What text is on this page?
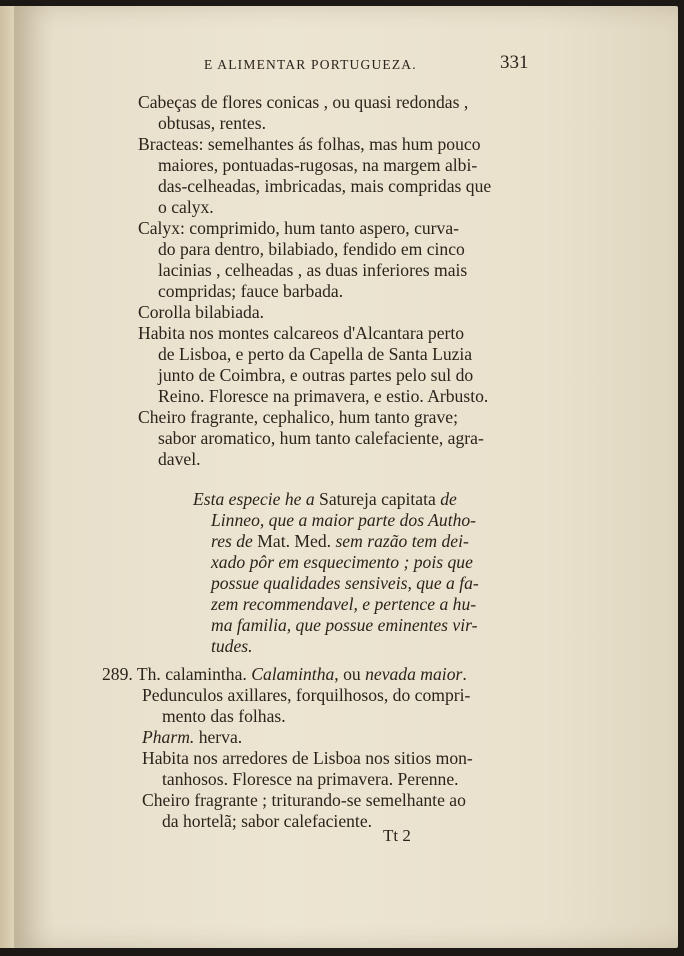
E ALIMENTAR PORTUGUEZA.	331
Cabeças de flores conicas , ou quasi redondas ,
obtusas, rentes.
Bracteas: semelhantes ás folhas, mas hum pouco
maiores, pontuadas-rugosas, na margem albi-
das-celheadas, imbricadas, mais compridas que
o calyx.
Calyx: comprimido, hum tanto aspero, curva-
do para dentro, bilabiado, fendido em cinco
lacinias , celheadas , as duas inferiores mais
compridas; fauce barbada.
Corolla bilabiada.
Habita nos montes calcareos d'Alcantara perto
de Lisboa, e perto da Capella de Santa Luzia
junto de Coimbra, e outras partes pelo sul do
Reino. Floresce na primavera, e estio. Arbusto.
Cheiro fragrante, cephalico, hum tanto grave;
sabor aromatico, hum tanto calefaciente, agra-
davel.
Esta especie he a Satureja capitata de
Linneo, que a maior parte dos Autho-
res de Mat. Med. sem razão tem dei-
xado pôr em esquecimento ; pois que
possue qualidades sensiveis, que a fa-
zem recommendavel, e pertence a hu-
ma familia, que possue eminentes vir-
tudes.
289. Th. calamintha. Calamintha, ou nevada maior.
Pedunculos axillares, forquilhosos, do compri-
mento das folhas.
Pharm. herva.
Habita nos arredores de Lisboa nos sitios mon-
tanhosos. Floresce na primavera. Perenne.
Cheiro fragrante ; triturando-se semelhante ao
da hortelã; sabor calefaciente.
Tt 2
